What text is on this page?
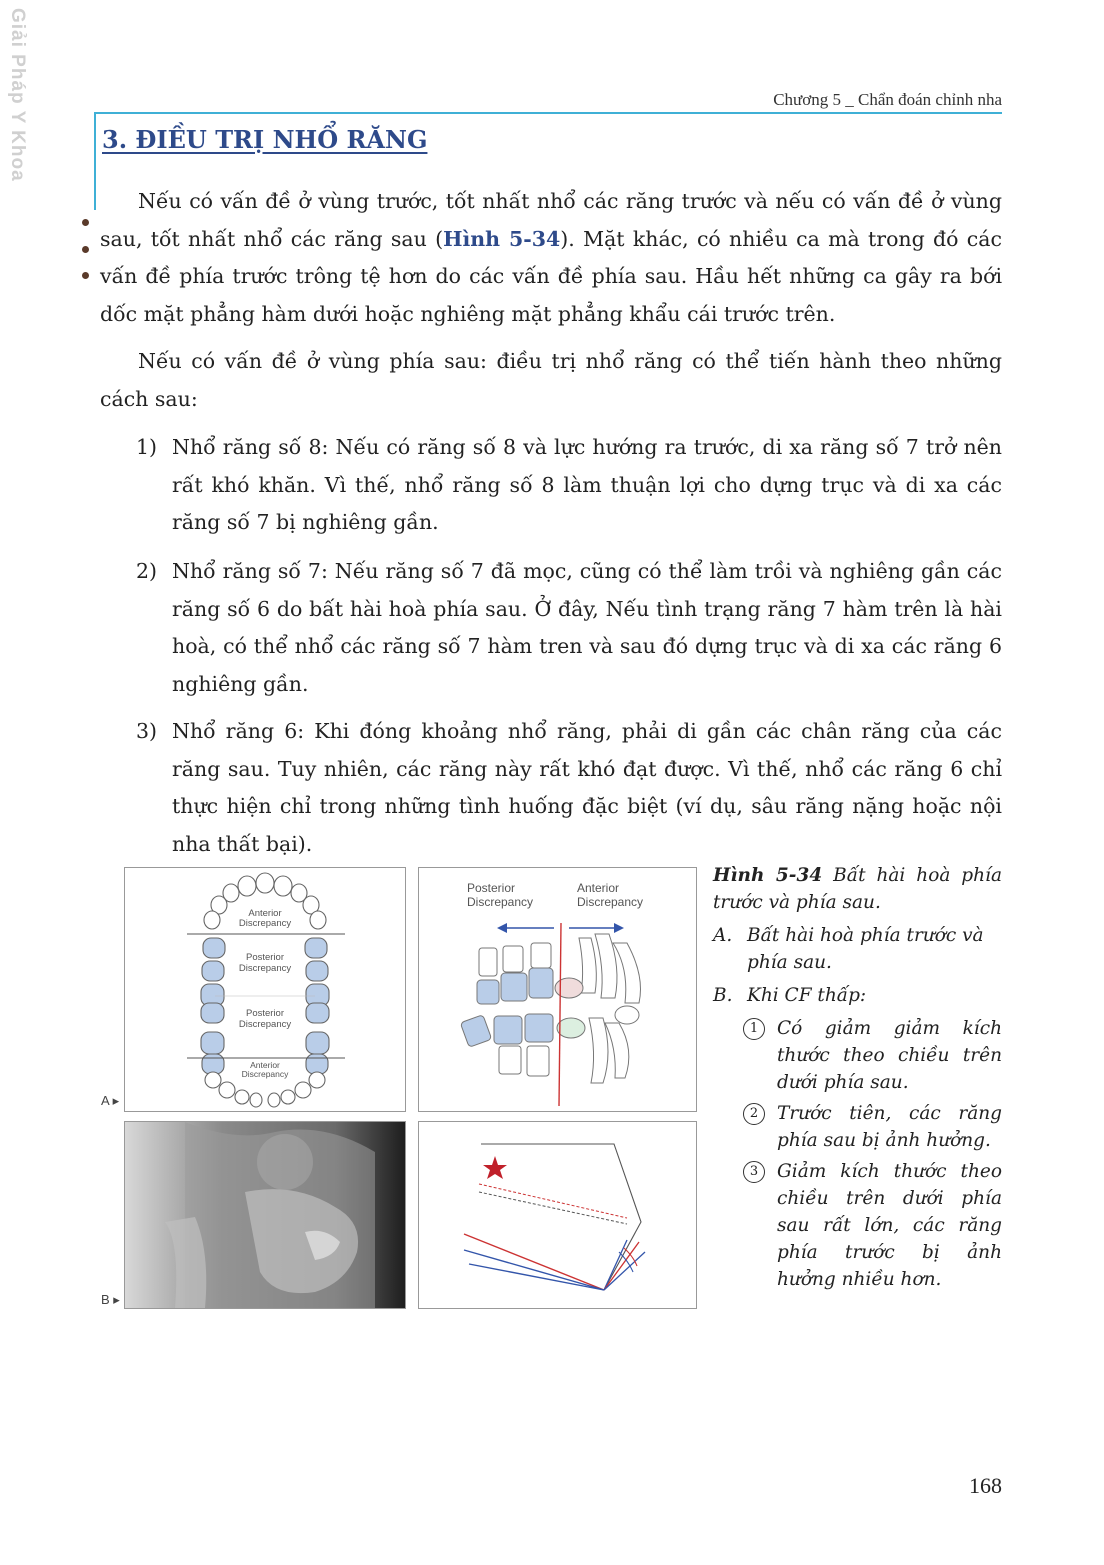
Giải Pháp Y Khoa	Chương 5 _ Chẩn đoán chỉnh nha
3. ĐIỀU TRỊ NHỔ RĂNG

Nếu có vấn đề ở vùng trước, tốt nhất nhổ các răng trước và nếu có vấn đề ở vùng sau, tốt nhất nhổ các răng sau (Hình 5-34). Mặt khác, có nhiều ca mà trong đó các vấn đề phía trước trông tệ hơn do các vấn đề phía sau. Hầu hết những ca gây ra bới dốc mặt phẳng hàm dưới hoặc nghiêng mặt phẳng khẩu cái trước trên.

Nếu có vấn đề ở vùng phía sau: điều trị nhổ răng có thể tiến hành theo những cách sau:

1) Nhổ răng số 8: Nếu có răng số 8 và lực hướng ra trước, di xa răng số 7 trở nên rất khó khăn. Vì thế, nhổ răng số 8 làm thuận lợi cho dựng trục và di xa các răng số 7 bị nghiêng gần.
2) Nhổ răng số 7: Nếu răng số 7 đã mọc, cũng có thể làm trồi và nghiêng gần các răng số 6 do bất hài hoà phía sau. Ở đây, Nếu tình trạng răng 7 hàm trên là hài hoà, có thể nhổ các răng số 7 hàm tren và sau đó dựng trục và di xa các răng 6 nghiêng gần.
3) Nhổ răng 6: Khi đóng khoảng nhổ răng, phải di gần các chân răng của các răng sau. Tuy nhiên, các răng này rất khó đạt được. Vì thế, nhổ các răng 6 chỉ thực hiện chỉ trong những tình huống đặc biệt (ví dụ, sâu răng nặng hoặc nội nha thất bại).
Anterior
Discrepancy
Posterior
Discrepancy
Posterior
Discrepancy
Anterior
Discrepancy
A ▸
Posterior
Discrepancy
Anterior
Discrepancy
B ▸

Hình 5-34 Bất hài hoà phía trước và phía sau.

A. Bất hài hoà phía trước và phía sau.
B. Khi CF thấp:
1	Có giảm giảm kích thước theo chiều trên dưới phía sau.
2	Trước tiên, các răng phía sau bị ảnh hưởng.
3	Giảm kích thước theo chiều trên dưới phía sau rất lớn, các răng phía trước bị ảnh hưởng nhiều hơn.
168
